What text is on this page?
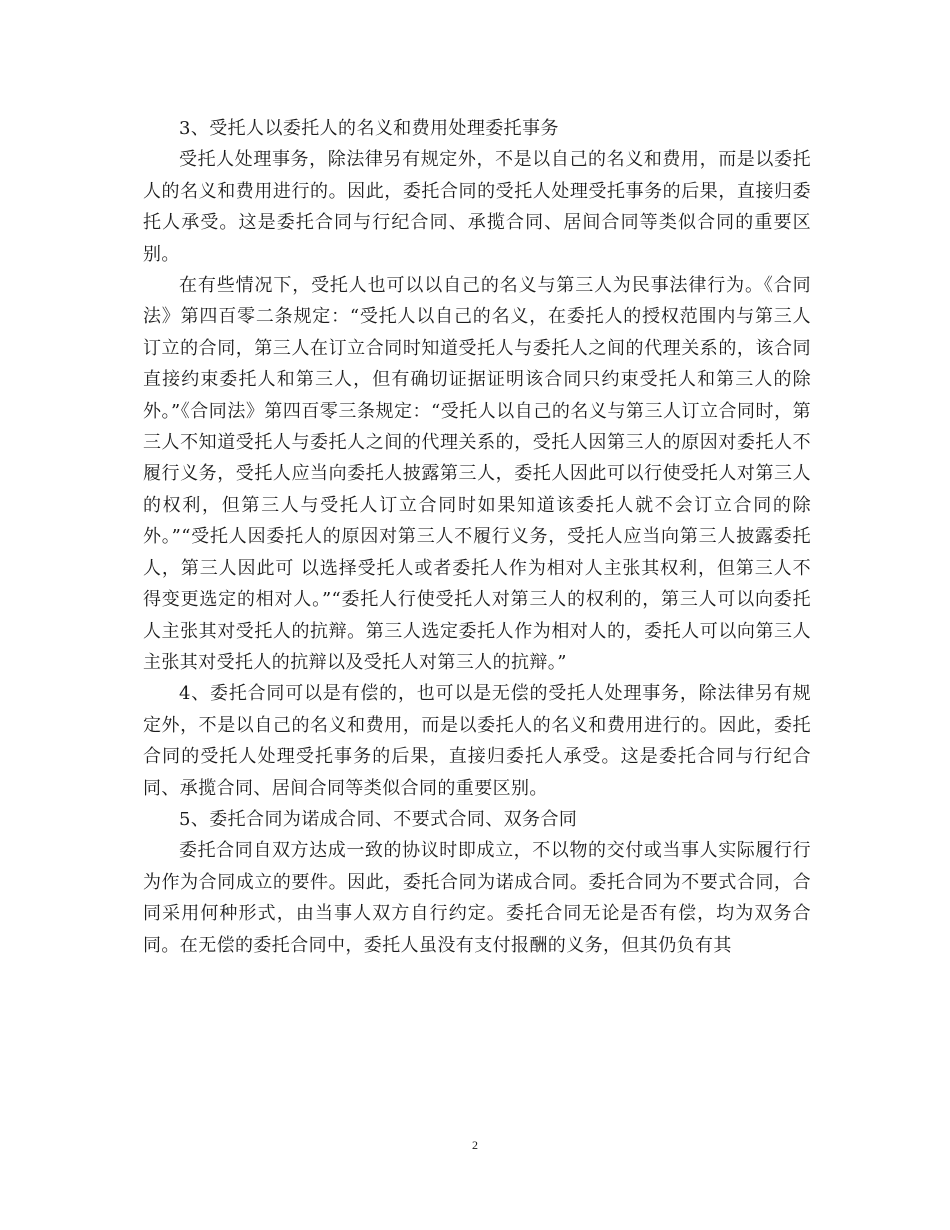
3、受托人以委托人的名义和费用处理委托事务

受托人处理事务，除法律另有规定外，不是以自己的名义和费用，而是以委托人的名义和费用进行的。因此，委托合同的受托人处理受托事务的后果，直接归委托人承受。这是委托合同与行纪合同、承揽合同、居间合同等类似合同的重要区别。

在有些情况下，受托人也可以以自己的名义与第三人为民事法律行为。《合同法》第四百零二条规定：“受托人以自己的名义，在委托人的授权范围内与第三人订立的合同，第三人在订立合同时知道受托人与委托人之间的代理关系的，该合同直接约束委托人和第三人，但有确切证据证明该合同只约束受托人和第三人的除外。”《合同法》第四百零三条规定：“受托人以自己的名义与第三人订立合同时，第三人不知道受托人与委托人之间的代理关系的，受托人因第三人的原因对委托人不履行义务，受托人应当向委托人披露第三人，委托人因此可以行使受托人对第三人的权利，但第三人与受托人订立合同时如果知道该委托人就不会订立合同的除外。”“受托人因委托人的原因对第三人不履行义务，受托人应当向第三人披露委托人，第三人因此可 以选择受托人或者委托人作为相对人主张其权利，但第三人不得变更选定的相对人。”“委托人行使受托人对第三人的权利的，第三人可以向委托人主张其对受托人的抗辩。第三人选定委托人作为相对人的，委托人可以向第三人主张其对受托人的抗辩以及受托人对第三人的抗辩。”

4、委托合同可以是有偿的，也可以是无偿的受托人处理事务，除法律另有规定外，不是以自己的名义和费用，而是以委托人的名义和费用进行的。因此，委托合同的受托人处理受托事务的后果，直接归委托人承受。这是委托合同与行纪合同、承揽合同、居间合同等类似合同的重要区别。

5、委托合同为诺成合同、不要式合同、双务合同

委托合同自双方达成一致的协议时即成立，不以物的交付或当事人实际履行行为作为合同成立的要件。因此，委托合同为诺成合同。委托合同为不要式合同，合同采用何种形式，由当事人双方自行约定。委托合同无论是否有偿，均为双务合同。在无偿的委托合同中，委托人虽没有支付报酬的义务，但其仍负有其

2
